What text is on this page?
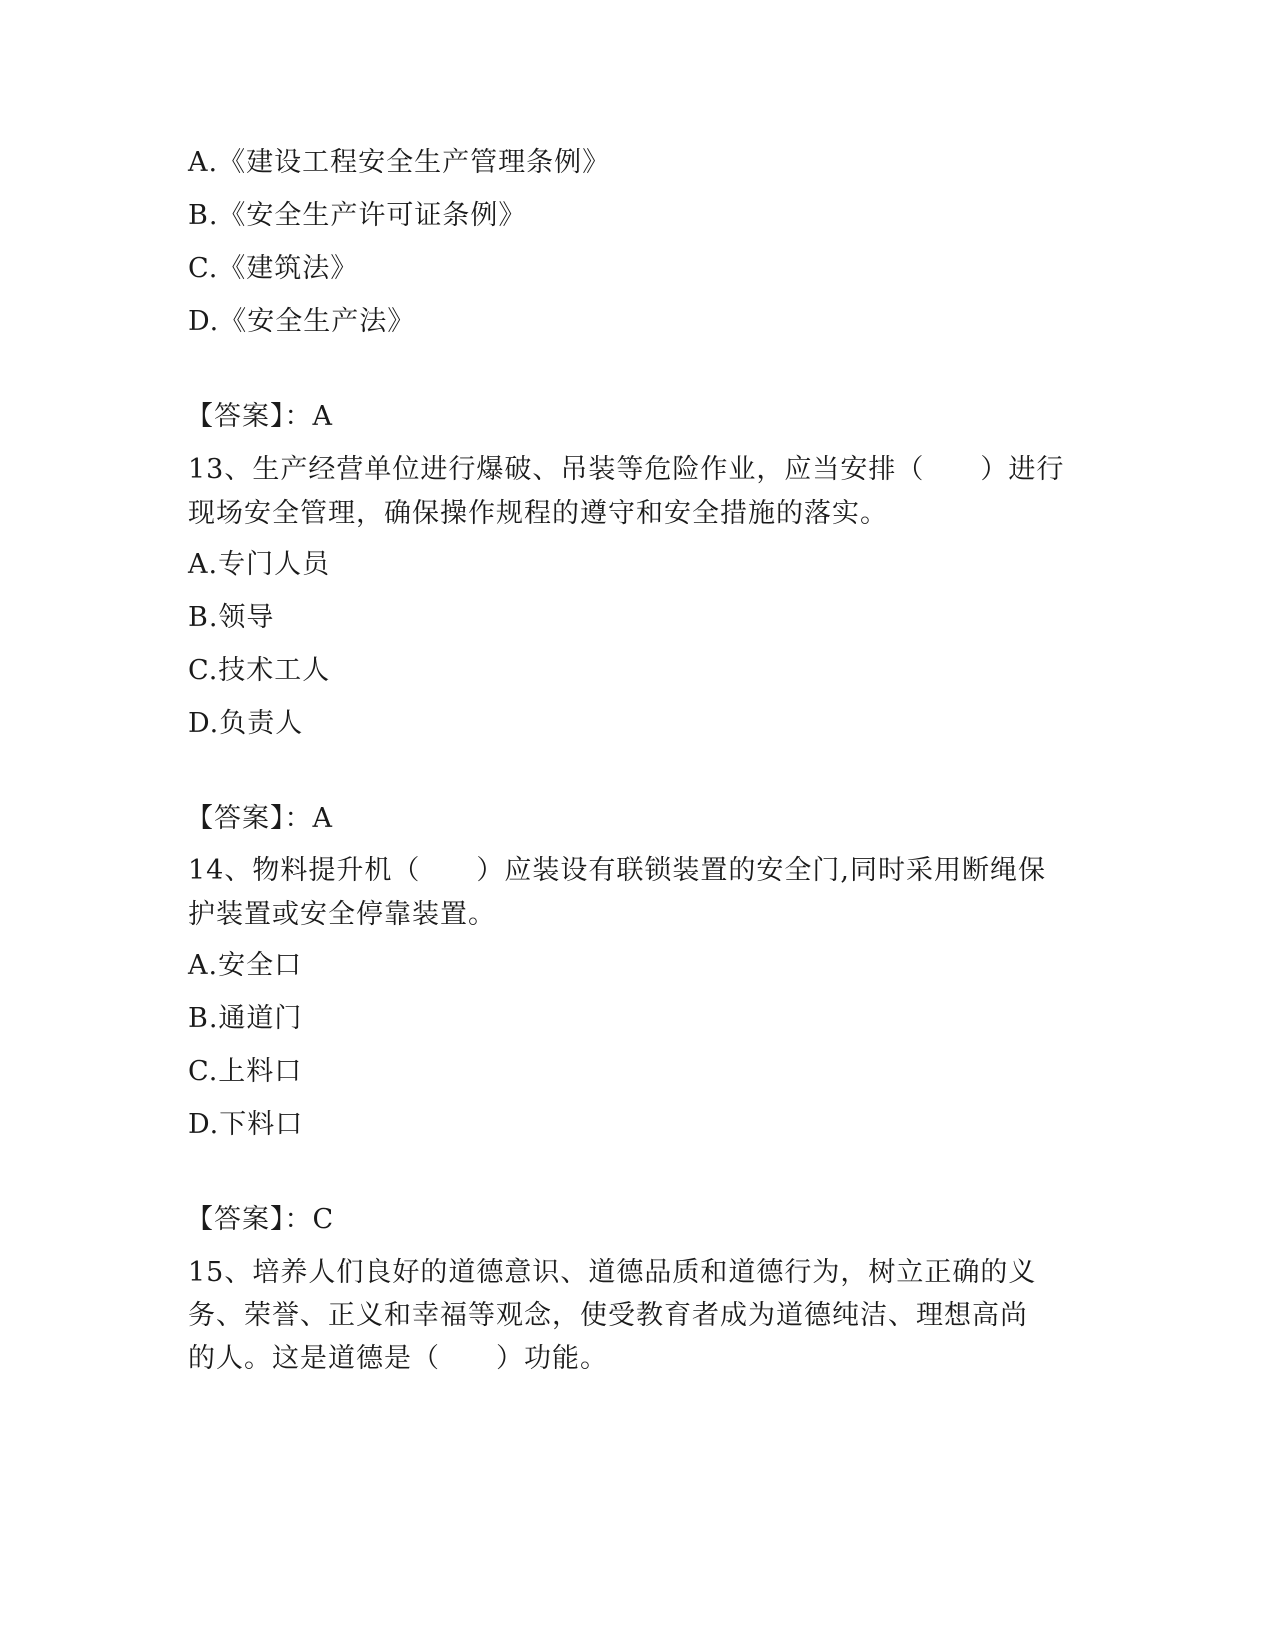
A.《建设工程安全生产管理条例》
B.《安全生产许可证条例》
C.《建筑法》
D.《安全生产法》
【答案】：A
13、生产经营单位进行爆破、吊装等危险作业，应当安排（　　）进行
现场安全管理，确保操作规程的遵守和安全措施的落实。
A.专门人员
B.领导
C.技术工人
D.负责人
【答案】：A
14、物料提升机（　　）应装设有联锁装置的安全门,同时采用断绳保
护装置或安全停靠装置。
A.安全口
B.通道门
C.上料口
D.下料口
【答案】：C
15、培养人们良好的道德意识、道德品质和道德行为，树立正确的义
务、荣誉、正义和幸福等观念，使受教育者成为道德纯洁、理想高尚
的人。这是道德是（　　）功能。
